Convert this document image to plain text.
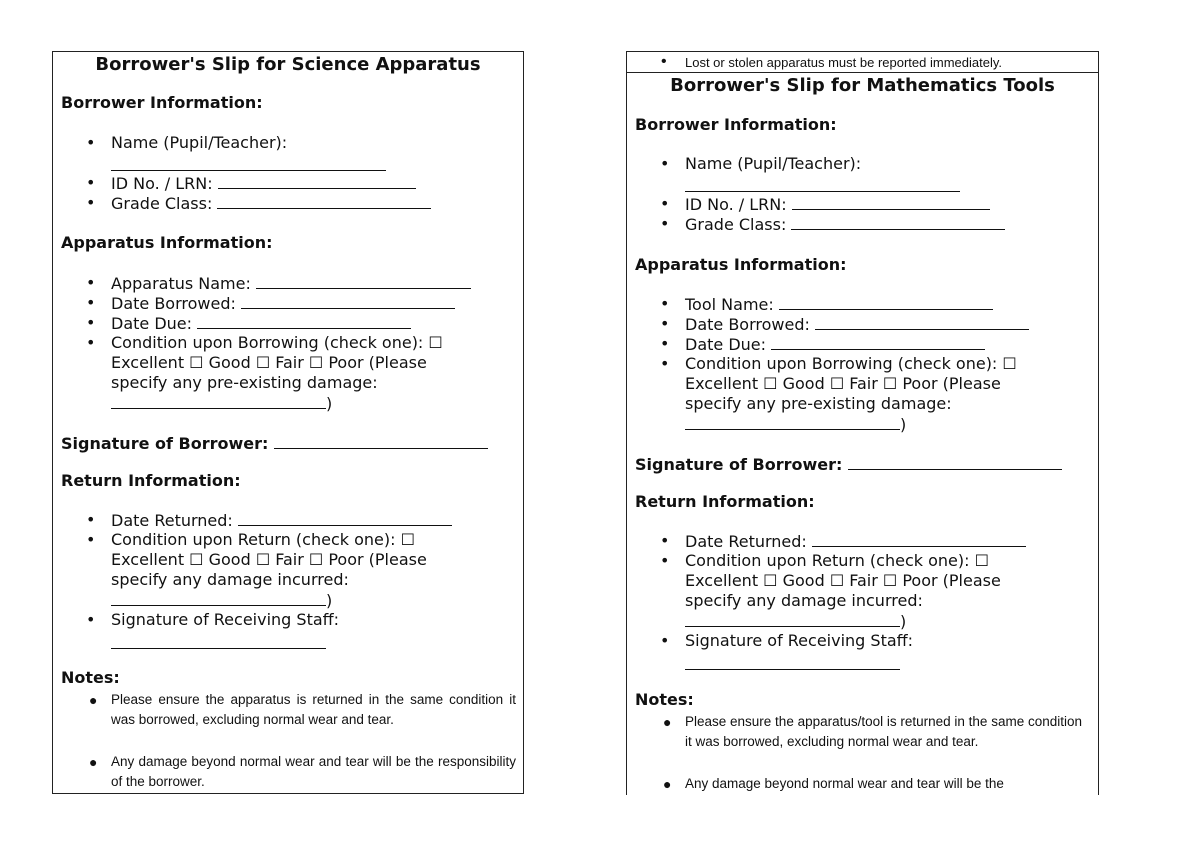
Borrower's Slip for Science Apparatus
Borrower Information:
• Name (Pupil/Teacher):
• ID No. / LRN:
• Grade Class:
Apparatus Information:
• Apparatus Name:
• Date Borrowed:
• Date Due:
• Condition upon Borrowing (check one): ☐
Excellent ☐ Good ☐ Fair ☐ Poor (Please
specify any pre-existing damage:
)
Signature of Borrower:
Return Information:
• Date Returned:
• Condition upon Return (check one): ☐
Excellent ☐ Good ☐ Fair ☐ Poor (Please
specify any damage incurred:
)
• Signature of Receiving Staff:
Notes:
● Please ensure the apparatus is returned in the same condition it was borrowed, excluding normal wear and tear.
● Any damage beyond normal wear and tear will be the responsibility of the borrower.
• Lost or stolen apparatus must be reported immediately.
Borrower's Slip for Mathematics Tools
Borrower Information:
• Name (Pupil/Teacher):
• ID No. / LRN:
• Grade Class:
Apparatus Information:
• Tool Name:
• Date Borrowed:
• Date Due:
• Condition upon Borrowing (check one): ☐
Excellent ☐ Good ☐ Fair ☐ Poor (Please
specify any pre-existing damage:
)
Signature of Borrower:
Return Information:
• Date Returned:
• Condition upon Return (check one): ☐
Excellent ☐ Good ☐ Fair ☐ Poor (Please
specify any damage incurred:
)
• Signature of Receiving Staff:
Notes:
● Please ensure the apparatus/tool is returned in the same condition it was borrowed, excluding normal wear and tear.
● Any damage beyond normal wear and tear will be the
